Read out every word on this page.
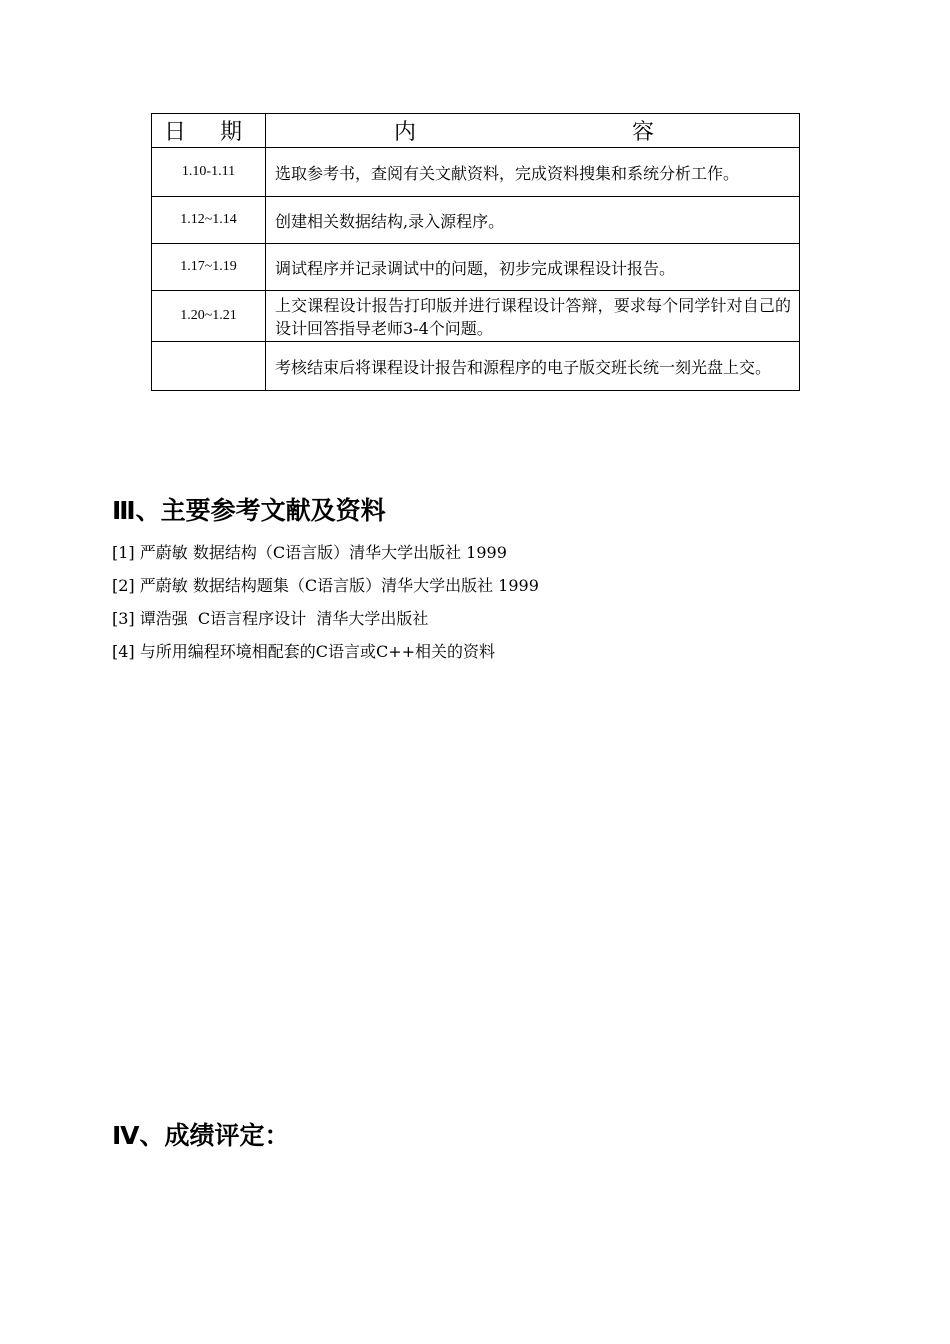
日 期	内 容
1.10-1.11	选取参考书，查阅有关文献资料，完成资料搜集和系统分析工作。
1.12~1.14	创建相关数据结构,录入源程序。
1.17~1.19	调试程序并记录调试中的问题，初步完成课程设计报告。
1.20~1.21	上交课程设计报告打印版并进行课程设计答辩，要求每个同学针对自己的设计回答指导老师3-4个问题。
	考核结束后将课程设计报告和源程序的电子版交班长统一刻光盘上交。
Ⅲ、主要参考文献及资料
[1] 严蔚敏 数据结构（C语言版）清华大学出版社 1999
[2] 严蔚敏 数据结构题集（C语言版）清华大学出版社 1999
[3] 谭浩强  C语言程序设计  清华大学出版社
[4] 与所用编程环境相配套的C语言或C++相关的资料
Ⅳ、成绩评定：
